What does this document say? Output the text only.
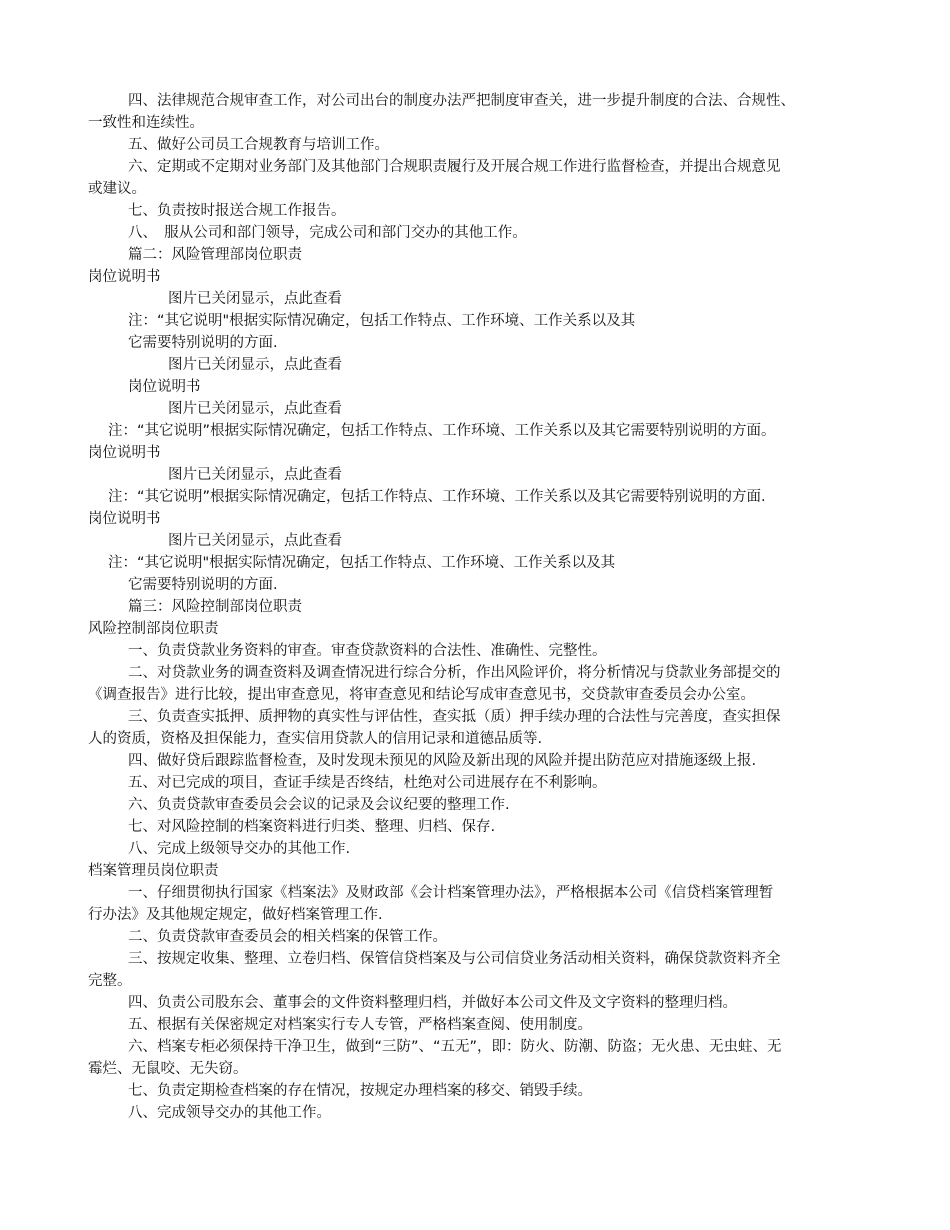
四、法律规范合规审查工作，对公司出台的制度办法严把制度审查关，进一步提升制度的合法、合规性、
一致性和连续性。
五、做好公司员工合规教育与培训工作。
六、定期或不定期对业务部门及其他部门合规职责履行及开展合规工作进行监督检查，并提出合规意见
或建议。
七、负责按时报送合规工作报告。
八、　服从公司和部门领导，完成公司和部门交办的其他工作。
篇二：风险管理部岗位职责
岗位说明书
图片已关闭显示，点此查看
注：“其它说明"根据实际情况确定，包括工作特点、工作环境、工作关系以及其
它需要特别说明的方面.
图片已关闭显示，点此查看
岗位说明书
图片已关闭显示，点此查看
注：“其它说明”根据实际情况确定，包括工作特点、工作环境、工作关系以及其它需要特别说明的方面。
岗位说明书
图片已关闭显示，点此查看
注：“其它说明”根据实际情况确定，包括工作特点、工作环境、工作关系以及其它需要特别说明的方面.
岗位说明书
图片已关闭显示，点此查看
注：“其它说明"根据实际情况确定，包括工作特点、工作环境、工作关系以及其
它需要特别说明的方面.
篇三：风险控制部岗位职责
风险控制部岗位职责
一、负责贷款业务资料的审查。审查贷款资料的合法性、准确性、完整性。
二、对贷款业务的调查资料及调查情况进行综合分析，作出风险评价，将分析情况与贷款业务部提交的
《调查报告》进行比较，提出审查意见，将审查意见和结论写成审查意见书，交贷款审查委员会办公室。
三、负责查实抵押、质押物的真实性与评估性，查实抵（质）押手续办理的合法性与完善度，查实担保
人的资质，资格及担保能力，查实信用贷款人的信用记录和道德品质等.
四、做好贷后跟踪监督检查，及时发现未预见的风险及新出现的风险并提出防范应对措施逐级上报.
五、对已完成的项目，查证手续是否终结，杜绝对公司进展存在不利影响。
六、负责贷款审查委员会会议的记录及会议纪要的整理工作.
七、对风险控制的档案资料进行归类、整理、归档、保存.
八、完成上级领导交办的其他工作.
档案管理员岗位职责
一、仔细贯彻执行国家《档案法》及财政部《会计档案管理办法》，严格根据本公司《信贷档案管理暂
行办法》及其他规定规定，做好档案管理工作.
二、负责贷款审查委员会的相关档案的保管工作。
三、按规定收集、整理、立卷归档、保管信贷档案及与公司信贷业务活动相关资料，确保贷款资料齐全
完整。
四、负责公司股东会、董事会的文件资料整理归档，并做好本公司文件及文字资料的整理归档。
五、根据有关保密规定对档案实行专人专管，严格档案查阅、使用制度。
六、档案专柜必须保持干净卫生，做到“三防”、“五无”，即：防火、防潮、防盗；无火患、无虫蛀、无
霉烂、无鼠咬、无失窃。
七、负责定期检查档案的存在情况，按规定办理档案的移交、销毁手续。
八、完成领导交办的其他工作。
